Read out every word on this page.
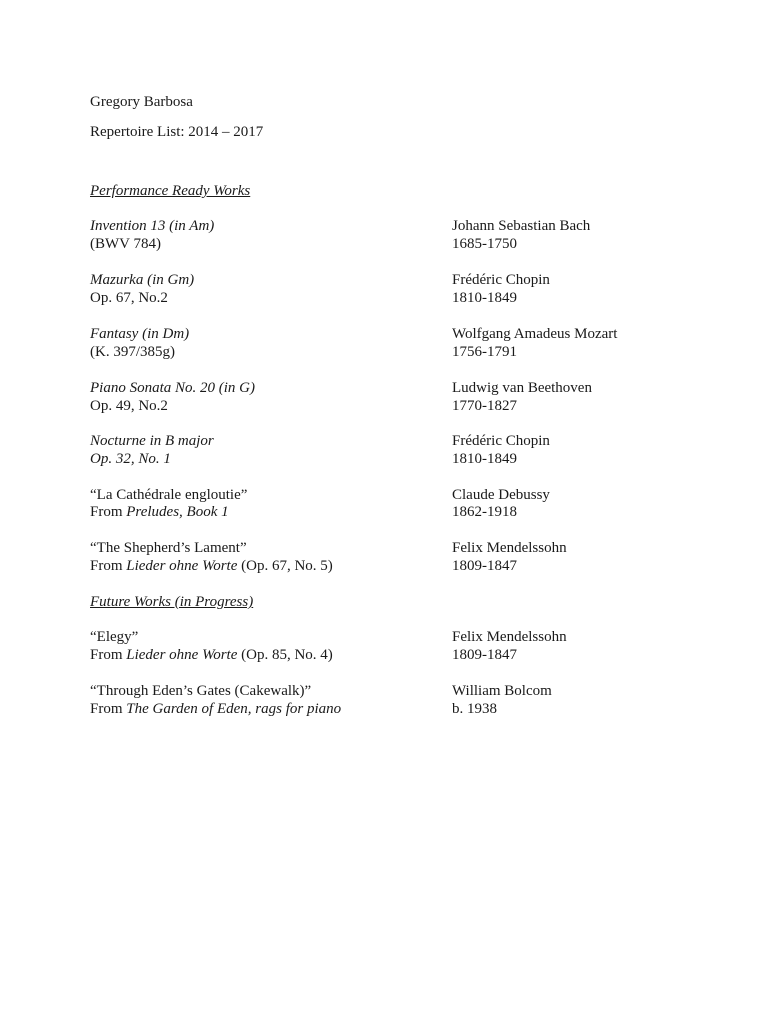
Gregory Barbosa
Repertoire List: 2014 – 2017
Performance Ready Works
Invention 13 (in Am)
(BWV 784)
Johann Sebastian Bach
1685-1750
Mazurka (in Gm)
Op. 67, No.2
Frédéric Chopin
1810-1849
Fantasy (in Dm)
(K. 397/385g)
Wolfgang Amadeus Mozart
1756-1791
Piano Sonata No. 20 (in G)
Op. 49, No.2
Ludwig van Beethoven
1770-1827
Nocturne in B major
Op. 32, No. 1
Frédéric Chopin
1810-1849
“La Cathédrale engloutie”
From Preludes, Book 1
Claude Debussy
1862-1918
“The Shepherd’s Lament”
From Lieder ohne Worte (Op. 67, No. 5)
Felix Mendelssohn
1809-1847
Future Works (in Progress)
“Elegy”
From Lieder ohne Worte (Op. 85, No. 4)
Felix Mendelssohn
1809-1847
“Through Eden’s Gates (Cakewalk)”
From The Garden of Eden, rags for piano
William Bolcom
b. 1938
